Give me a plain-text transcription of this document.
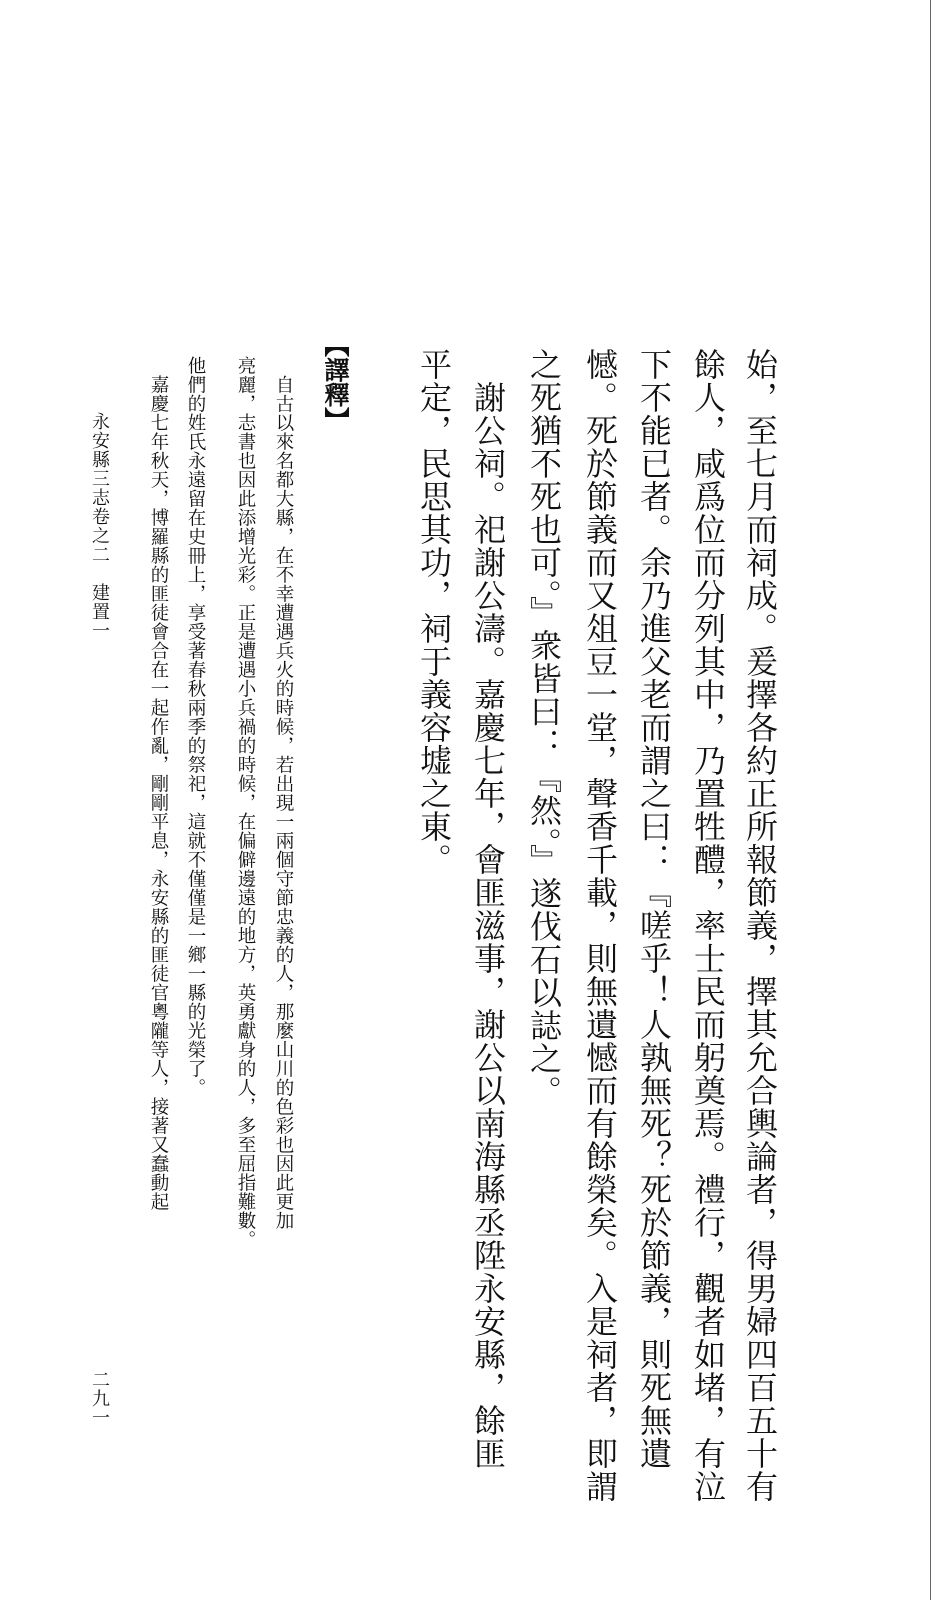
始，至七月而祠成。爰擇各約正所報節義，擇其允合輿論者，得男婦四百五十有
餘人，咸爲位而分列其中，乃置牲醴，率士民而躬奠焉。禮行，觀者如堵，有泣
下不能已者。余乃進父老而謂之曰：『嗟乎！人孰無死？死於節義，則死無遺
憾。死於節義而又俎豆一堂，聲香千載，則無遺憾而有餘榮矣。入是祠者，即謂
之死猶不死也可。』衆皆曰：『然。』遂伐石以誌之。
　謝公祠。祀謝公濤。嘉慶七年，會匪滋事，謝公以南海縣丞陞永安縣，餘匪
平定，民思其功，祠于義容墟之東。
【譯釋】
　自古以來名都大縣，在不幸遭遇兵火的時候，若出現一兩個守節忠義的人，那麼山川的色彩也因此更加
亮麗，志書也因此添增光彩。正是遭遇小兵禍的時候，在偏僻邊遠的地方，英勇獻身的人，多至屈指難數。
他們的姓氏永遠留在史冊上，享受著春秋兩季的祭祀，這就不僅僅是一鄉一縣的光榮了。
　嘉慶七年秋天，博羅縣的匪徒會合在一起作亂，剛剛平息，永安縣的匪徒官粵隴等人，接著又蠢動起
永安縣三志卷之二　建置一
二九一
